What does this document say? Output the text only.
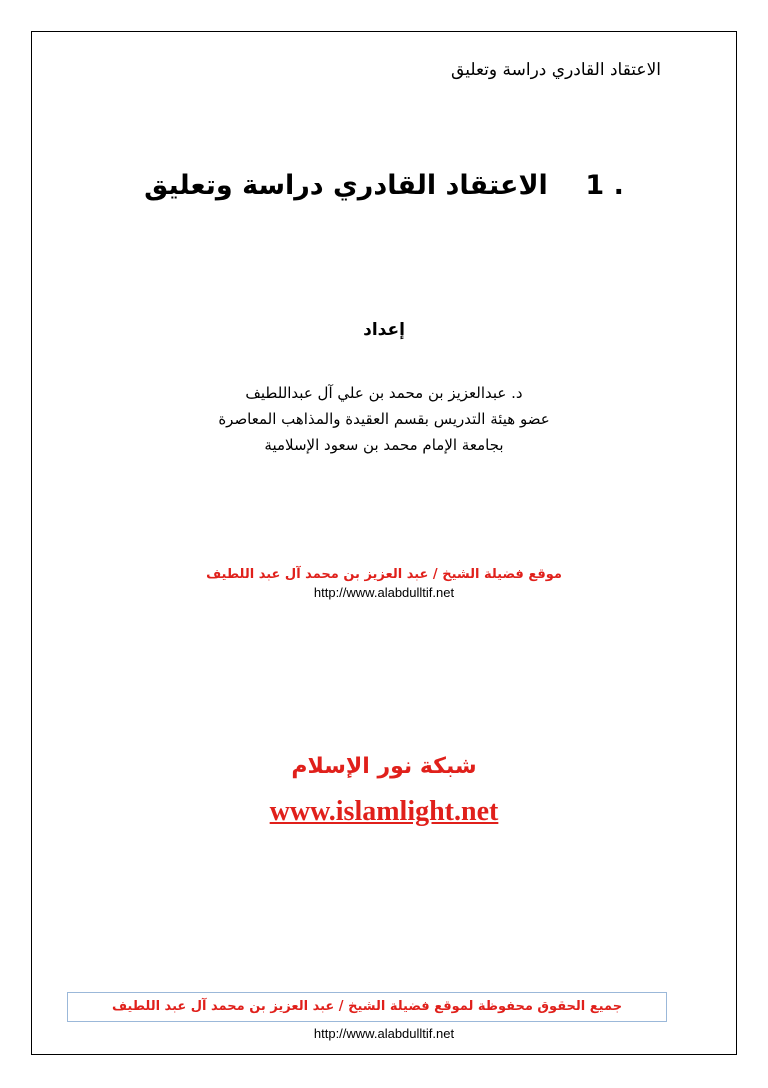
الاعتقاد القادري دراسة وتعليق
الاعتقاد القادري دراسة وتعليق 1 .
إعداد
د. عبدالعزيز بن محمد بن علي آل عبداللطيف
عضو هيئة التدريس بقسم العقيدة والمذاهب المعاصرة
بجامعة الإمام محمد بن سعود الإسلامية
موقع فضيلة الشيخ / عبد العزيز بن محمد آل عبد اللطيف
http://www.alabdulltif.net
شبكة نور الإسلام
www.islamlight.net
جميع الحقوق محفوظة لموقع فضيلة الشيخ / عبد العزيز بن محمد آل عبد اللطيف
http://www.alabdulltif.net
